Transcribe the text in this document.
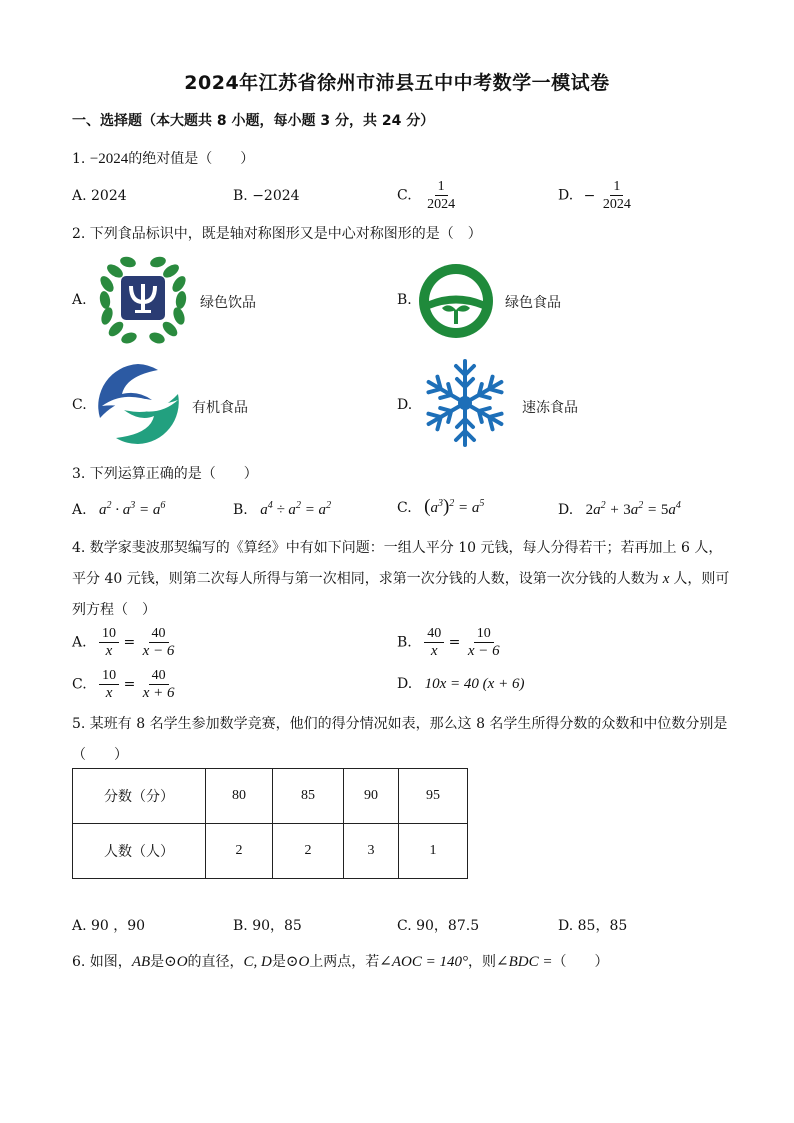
2024年江苏省徐州市沛县五中中考数学一模试卷
一、选择题（本大题共 8 小题，每小题 3 分，共 24 分）
1. −2024的绝对值是（　　）
A. 2024	B. −2024	C. $\frac{1}{2024}$	D. − $\frac{1}{2024}$
2. 下列食品标识中，既是轴对称图形又是中心对称图形的是（　）
A.	绿色饮品	B.	绿色食品
C.	有机食品	D.	速冻食品
3. 下列运算正确的是（　　）
A. $a^2 \cdot a^3 = a^6$	B. $a^4 \div a^2 = a^2$	C. $(a^3)^2 = a^5$	D. $2a^2 + 3a^2 = 5a^4$
4. 数学家斐波那契编写的《算经》中有如下问题：一组人平分 10 元钱，每人分得若干；若再加上 6 人，
平分 40 元钱，则第二次每人所得与第一次相同，求第一次分钱的人数，设第一次分钱的人数为 x 人，则可
列方程（　）
A. $\frac{10}{x} = \frac{40}{x - 6}$	B. $\frac{40}{x} = \frac{10}{x - 6}$
C. $\frac{10}{x} = \frac{40}{x + 6}$	D. 10x = 40 (x + 6)
5. 某班有 8 名学生参加数学竞赛，他们的得分情况如表，那么这 8 名学生所得分数的众数和中位数分别是
（　　）
分数（分）	80	85	90	95
人数（人）	2	2	3	1
A. 90 ，90	B. 90，85	C. 90，87.5	D. 85，85
6. 如图，AB是⊙O的直径，C, D是⊙O上两点，若∠AOC = 140°，则∠BDC =（　　）
